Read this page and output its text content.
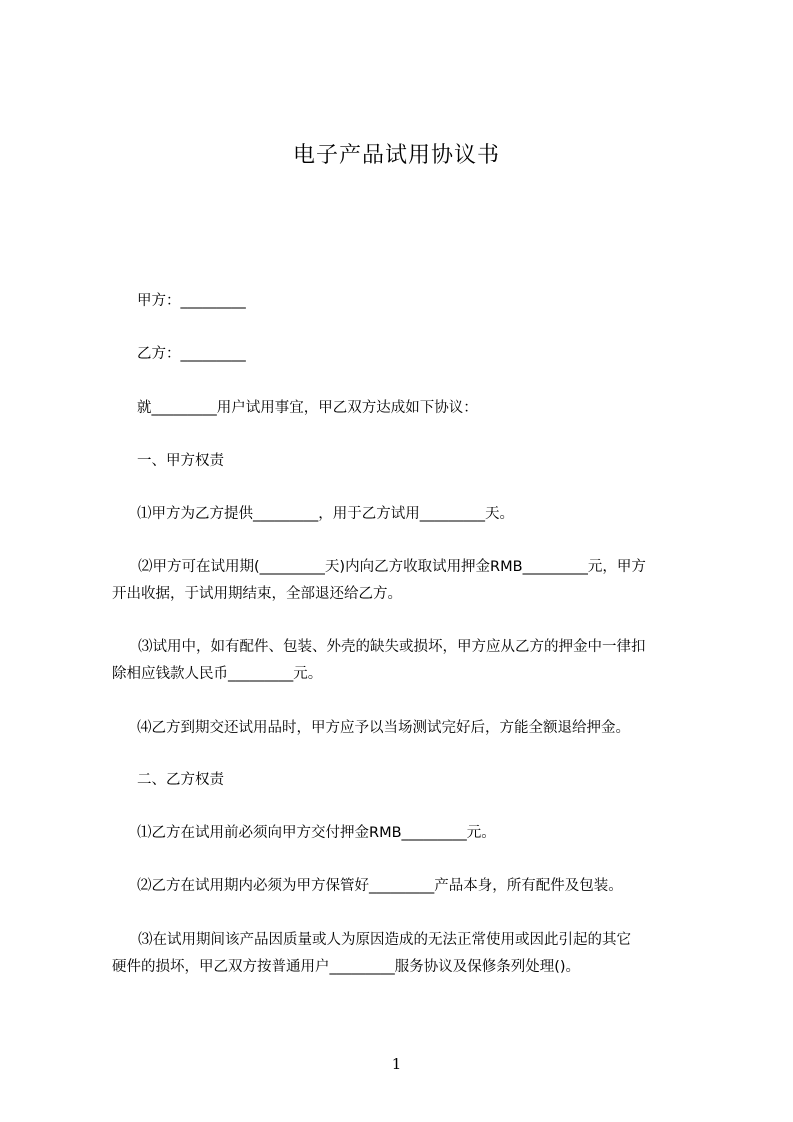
电子产品试用协议书
甲方：_________
乙方：_________
就_________用户试用事宜，甲乙双方达成如下协议：
一、甲方权责
⑴甲方为乙方提供_________，用于乙方试用_________天。
⑵甲方可在试用期(_________天)内向乙方收取试用押金RMB_________元，甲方
开出收据，于试用期结束，全部退还给乙方。
⑶试用中，如有配件、包装、外壳的缺失或损坏，甲方应从乙方的押金中一律扣
除相应钱款人民币_________元。
⑷乙方到期交还试用品时，甲方应予以当场测试完好后，方能全额退给押金。
二、乙方权责
⑴乙方在试用前必须向甲方交付押金RMB_________元。
⑵乙方在试用期内必须为甲方保管好_________产品本身，所有配件及包装。
⑶在试用期间该产品因质量或人为原因造成的无法正常使用或因此引起的其它
硬件的损坏，甲乙双方按普通用户_________服务协议及保修条列处理()。
1
